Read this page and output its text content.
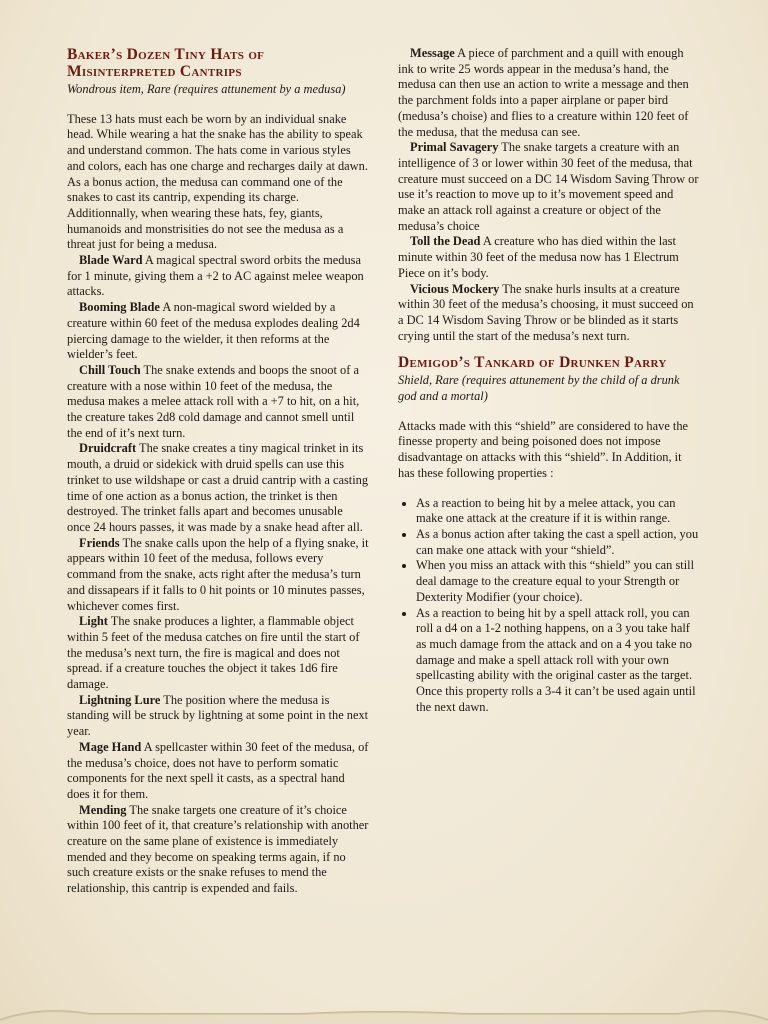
Baker’s Dozen Tiny Hats of Misinterpreted Cantrips
Wondrous item, Rare (requires attunement by a medusa)

These 13 hats must each be worn by an individual snake head. While wearing a hat the snake has the ability to speak and understand common. The hats come in various styles and colors, each has one charge and recharges daily at dawn. As a bonus action, the medusa can command one of the snakes to cast its cantrip, expending its charge. Additionnally, when wearing these hats, fey, giants, humanoids and monstrisities do not see the medusa as a threat just for being a medusa.

Blade Ward A magical spectral sword orbits the medusa for 1 minute, giving them a +2 to AC against melee weapon attacks.

Booming Blade A non-magical sword wielded by a creature within 60 feet of the medusa explodes dealing 2d4 piercing damage to the wielder, it then reforms at the wielder’s feet.

Chill Touch The snake extends and boops the snoot of a creature with a nose within 10 feet of the medusa, the medusa makes a melee attack roll with a +7 to hit, on a hit, the creature takes 2d8 cold damage and cannot smell until the end of it’s next turn.

Druidcraft The snake creates a tiny magical trinket in its mouth, a druid or sidekick with druid spells can use this trinket to use wildshape or cast a druid cantrip with a casting time of one action as a bonus action, the trinket is then destroyed. The trinket falls apart and becomes unusable once 24 hours passes, it was made by a snake head after all.

Friends The snake calls upon the help of a flying snake, it appears within 10 feet of the medusa, follows every command from the snake, acts right after the medusa’s turn and dissapears if it falls to 0 hit points or 10 minutes passes, whichever comes first.

Light The snake produces a lighter, a flammable object within 5 feet of the medusa catches on fire until the start of the medusa’s next turn, the fire is magical and does not spread. if a creature touches the object it takes 1d6 fire damage.

Lightning Lure The position where the medusa is standing will be struck by lightning at some point in the next year.

Mage Hand A spellcaster within 30 feet of the medusa, of the medusa’s choice, does not have to perform somatic components for the next spell it casts, as a spectral hand does it for them.

Mending The snake targets one creature of it’s choice within 100 feet of it, that creature’s relationship with another creature on the same plane of existence is immediately mended and they become on speaking terms again, if no such creature exists or the snake refuses to mend the relationship, this cantrip is expended and fails.

Message A piece of parchment and a quill with enough ink to write 25 words appear in the medusa’s hand, the medusa can then use an action to write a message and then the parchment folds into a paper airplane or paper bird (medusa’s choise) and flies to a creature within 120 feet of the medusa, that the medusa can see.

Primal Savagery The snake targets a creature with an intelligence of 3 or lower within 30 feet of the medusa, that creature must succeed on a DC 14 Wisdom Saving Throw or use it’s reaction to move up to it’s movement speed and make an attack roll against a creature or object of the medusa’s choice

Toll the Dead A creature who has died within the last minute within 30 feet of the medusa now has 1 Electrum Piece on it’s body.

Vicious Mockery The snake hurls insults at a creature within 30 feet of the medusa’s choosing, it must succeed on a DC 14 Wisdom Saving Throw or be blinded as it starts crying until the start of the medusa’s next turn.

Demigod’s Tankard of Drunken Parry
Shield, Rare (requires attunement by the child of a drunk god and a mortal)

Attacks made with this “shield” are considered to have the finesse property and being poisoned does not impose disadvantage on attacks with this “shield”. In Addition, it has these following properties :

• As a reaction to being hit by a melee attack, you can make one attack at the creature if it is within range.
• As a bonus action after taking the cast a spell action, you can make one attack with your “shield”.
• When you miss an attack with this “shield” you can still deal damage to the creature equal to your Strength or Dexterity Modifier (your choice).
• As a reaction to being hit by a spell attack roll, you can roll a d4 on a 1-2 nothing happens, on a 3 you take half as much damage from the attack and on a 4 you take no damage and make a spell attack roll with your own spellcasting ability with the original caster as the target. Once this property rolls a 3-4 it can’t be used again until the next dawn.
